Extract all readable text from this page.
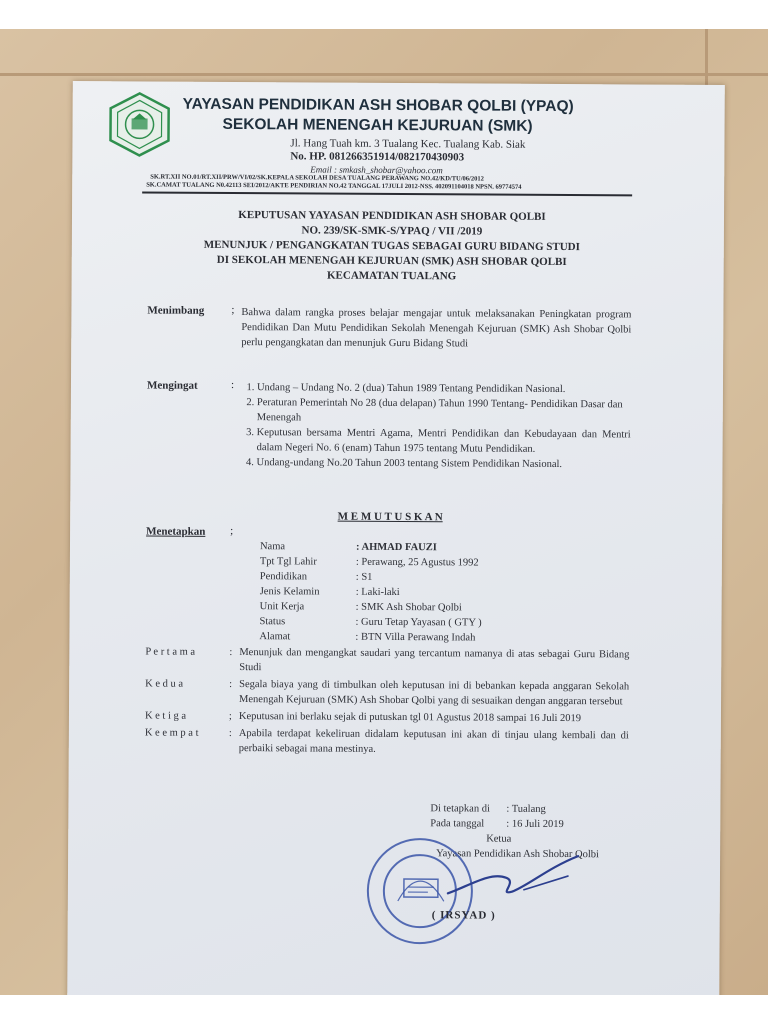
YAYASAN PENDIDIKAN ASH SHOBAR QOLBI (YPAQ)
SEKOLAH MENENGAH KEJURUAN (SMK)
Jl. Hang Tuah km. 3 Tualang Kec. Tualang Kab. Siak
No. HP. 081266351914/082170430903
Email : smkash_shobar@yahoo.com
SK.RT.XII NO.01/RT.XII/PRW/VI/02/SK.KEPALA SEKOLAH DESA TUALANG PERAWANG NO.42/KD/TU/06/2012
SK.CAMAT TUALANG N0.42113 SEI/2012/AKTE PENDIRIAN NO.42 TANGGAL 17JULI 2012-NSS. 402091104018 NPSN. 69774574
KEPUTUSAN YAYASAN PENDIDIKAN ASH SHOBAR QOLBI
NO. 239/SK-SMK-S/YPAQ / VII /2019
MENUNJUK / PENGANGKATAN TUGAS SEBAGAI GURU BIDANG STUDI
DI SEKOLAH MENENGAH KEJURUAN (SMK) ASH SHOBAR QOLBI
KECAMATAN TUALANG
Menimbang ; Bahwa dalam rangka proses belajar mengajar untuk melaksanakan Peningkatan program Pendidikan Dan Mutu Pendidikan Sekolah Menengah Kejuruan (SMK) Ash Shobar Qolbi perlu pengangkatan dan menunjuk Guru Bidang Studi
Mengingat	:
1. Undang – Undang No. 2 (dua) Tahun 1989 Tentang Pendidikan Nasional.
2. Peraturan Pemerintah No 28 (dua delapan) Tahun 1990 Tentang- Pendidikan Dasar dan Menengah
3. Keputusan bersama Mentri Agama, Mentri Pendidikan dan Kebudayaan dan Mentri dalam Negeri No. 6 (enam) Tahun 1975 tentang Mutu Pendidikan.
4. Undang-undang No.20 Tahun 2003 tentang Sistem Pendidikan Nasional.
M E M U T U S K A N
Menetapkan ;
Nama	: AHMAD FAUZI
Tpt Tgl Lahir	: Perawang, 25 Agustus 1992
Pendidikan	: S1
Jenis Kelamin	: Laki-laki
Unit Kerja	: SMK Ash Shobar Qolbi
Status	: Guru Tetap Yayasan ( GTY )
Alamat	: BTN Villa Perawang Indah
P e r t a m a	: Menunjuk dan mengangkat saudari yang tercantum namanya di atas sebagai Guru Bidang Studi
K e d u a	: Segala biaya yang di timbulkan oleh keputusan ini di bebankan kepada anggaran Sekolah Menengah Kejuruan (SMK) Ash Shobar Qolbi yang di sesuaikan dengan anggaran tersebut
K e t i g a	; Keputusan ini berlaku sejak di putuskan tgl 01 Agustus 2018 sampai 16 Juli 2019
K e e m p a t	: Apabila terdapat kekeliruan didalam keputusan ini akan di tinjau ulang kembali dan di perbaiki sebagai mana mestinya.
Di tetapkan di	: Tualang
Pada tanggal	: 16 Juli 2019
Ketua
Yayasan Pendidikan Ash Shobar Qolbi
( IRSYAD )
